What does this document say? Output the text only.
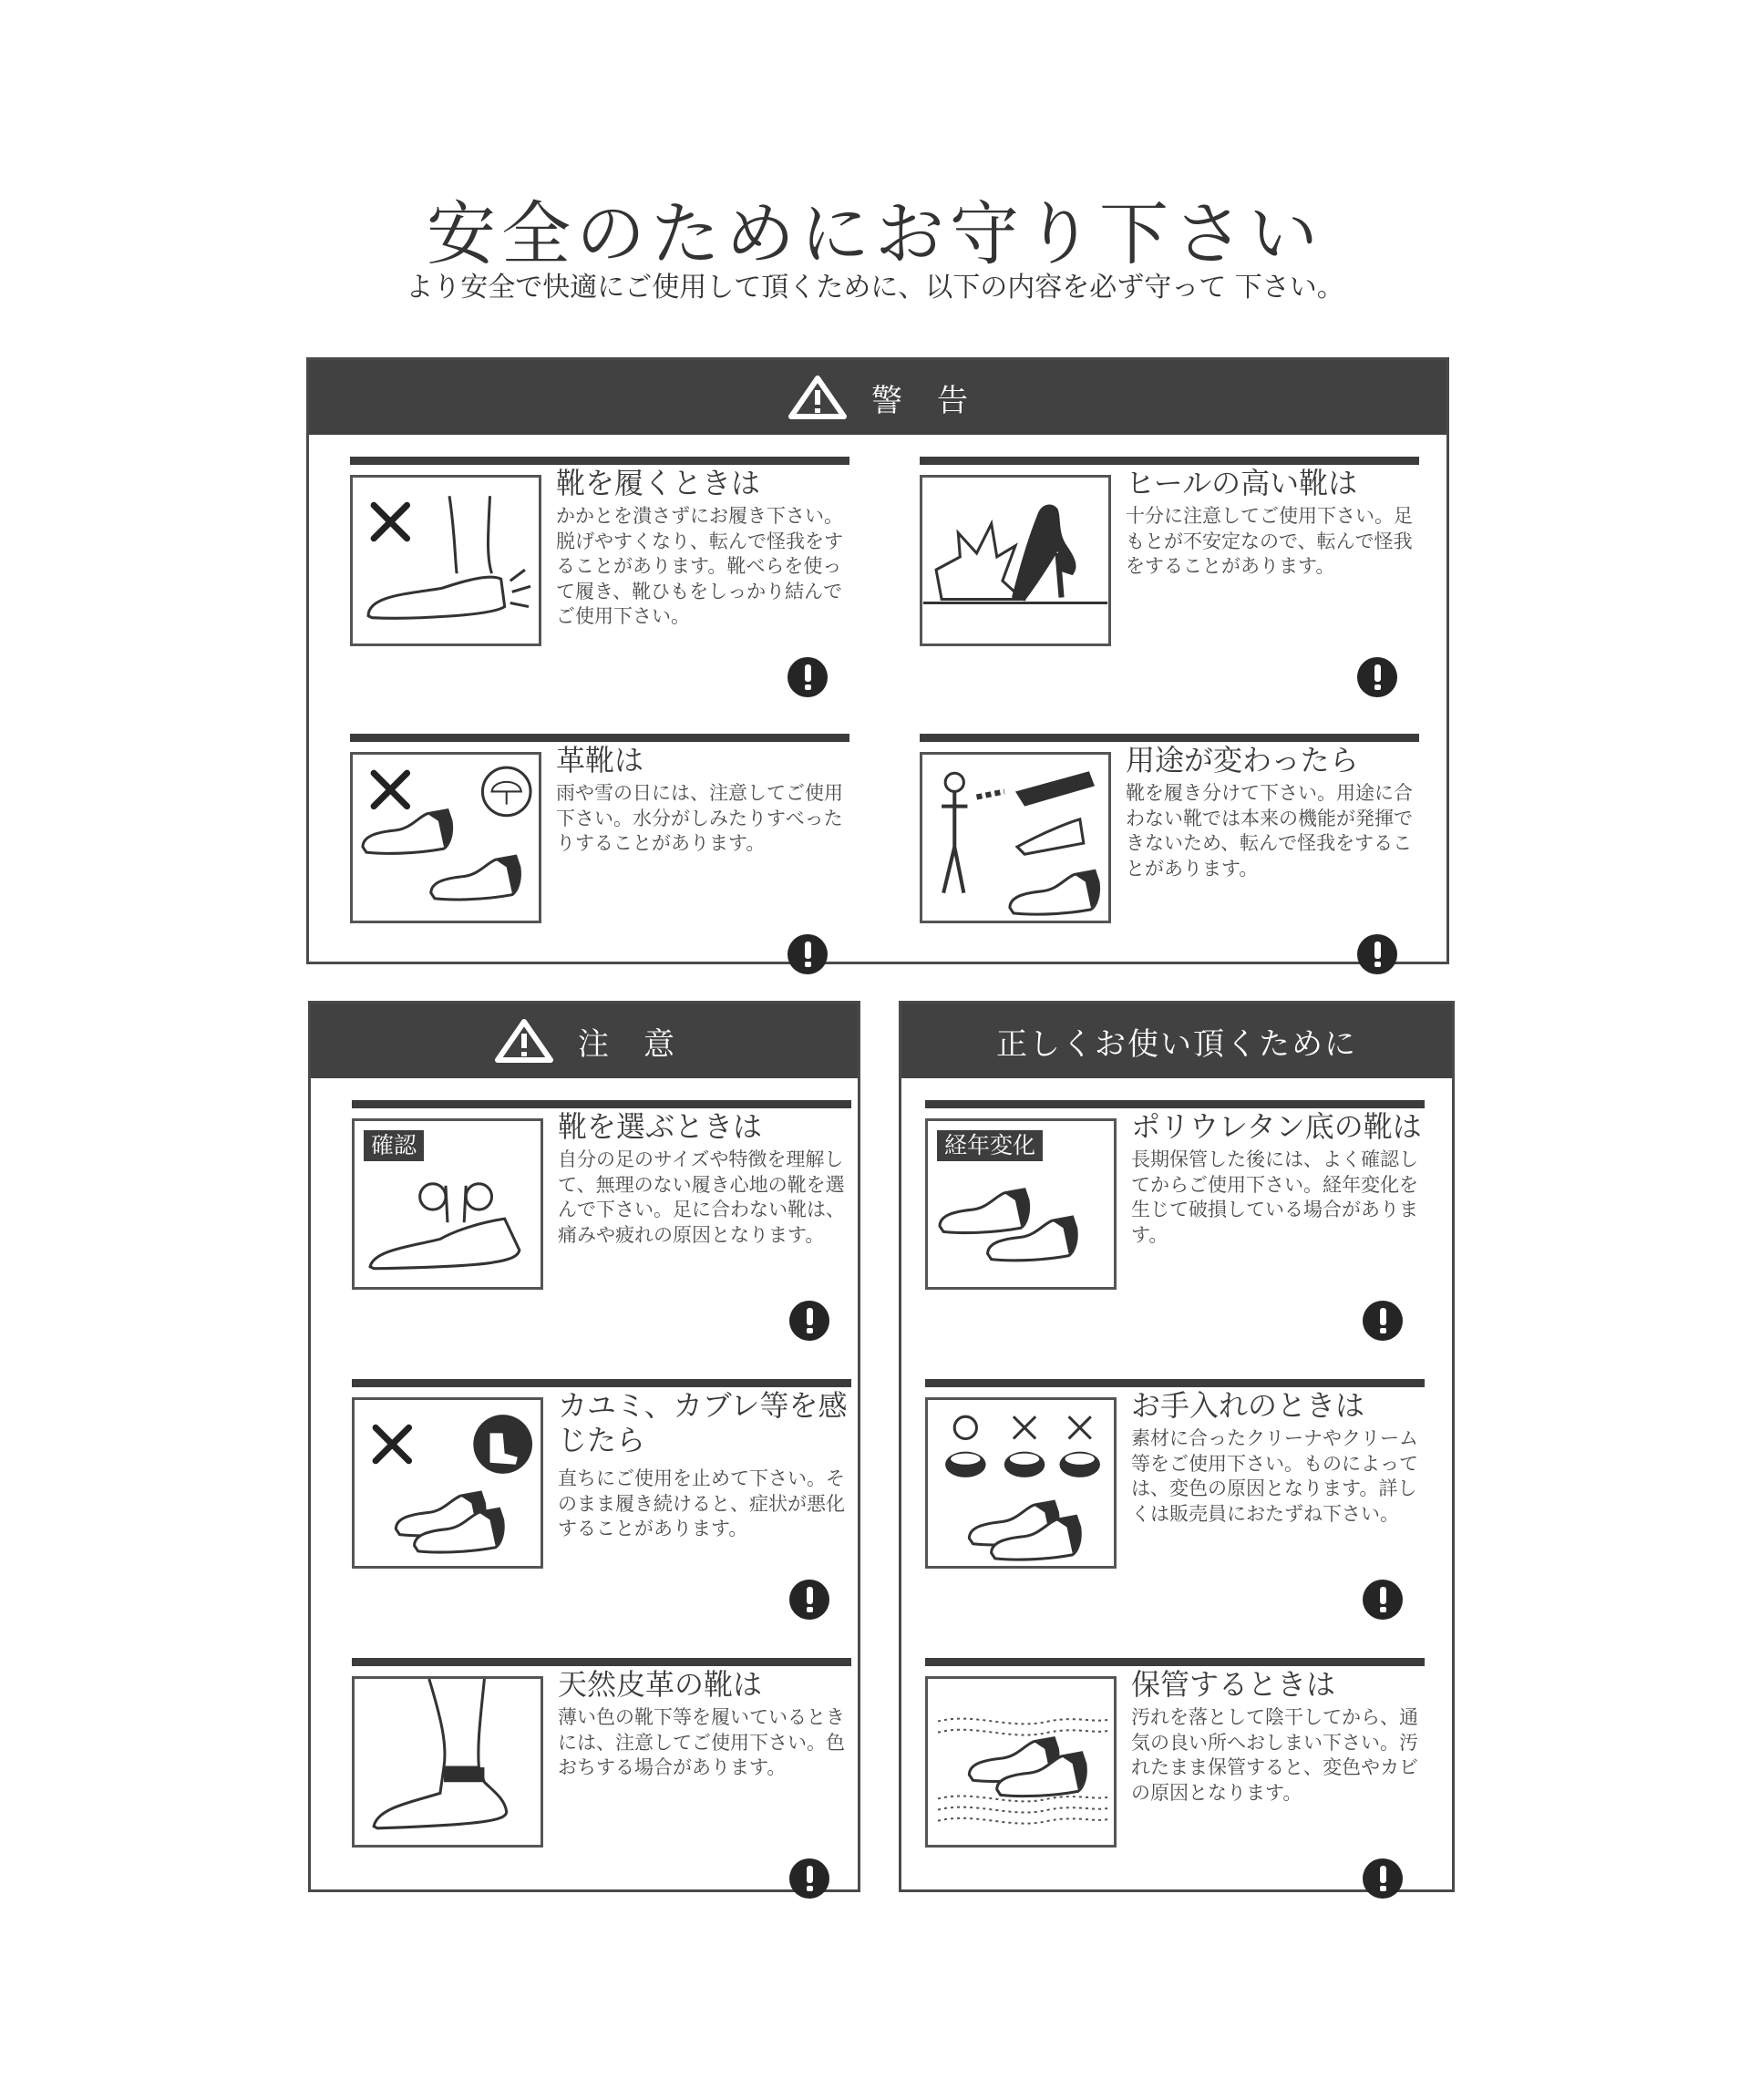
安全のためにお守り下さい
より安全で快適にご使用して頂くために、以下の内容を必ず守って 下さい。
警告
靴を履くときは
かかとを潰さずにお履き下さい。脱げやすくなり、転んで怪我をすることがあります。靴べらを使って履き、靴ひもをしっかり結んでご使用下さい。
ヒールの高い靴は
十分に注意してご使用下さい。足もとが不安定なので、転んで怪我をすることがあります。
革靴は
雨や雪の日には、注意してご使用下さい。水分がしみたりすべったりすることがあります。
用途が変わったら
靴を履き分けて下さい。用途に合わない靴では本来の機能が発揮できないため、転んで怪我をすることがあります。
注意
確認
靴を選ぶときは
自分の足のサイズや特徴を理解して、無理のない履き心地の靴を選んで下さい。足に合わない靴は、痛みや疲れの原因となります。
カユミ、カブレ等を感じたら
直ちにご使用を止めて下さい。そのまま履き続けると、症状が悪化することがあります。
天然皮革の靴は
薄い色の靴下等を履いているときには、注意してご使用下さい。色おちする場合があります。
正しくお使い頂くために
経年変化
ポリウレタン底の靴は
長期保管した後には、よく確認してからご使用下さい。経年変化を生じて破損している場合があります。
お手入れのときは
素材に合ったクリーナやクリーム等をご使用下さい。ものによっては、変色の原因となります。詳しくは販売員におたずね下さい。
保管するときは
汚れを落として陰干してから、通気の良い所へおしまい下さい。汚れたまま保管すると、変色やカビの原因となります。
